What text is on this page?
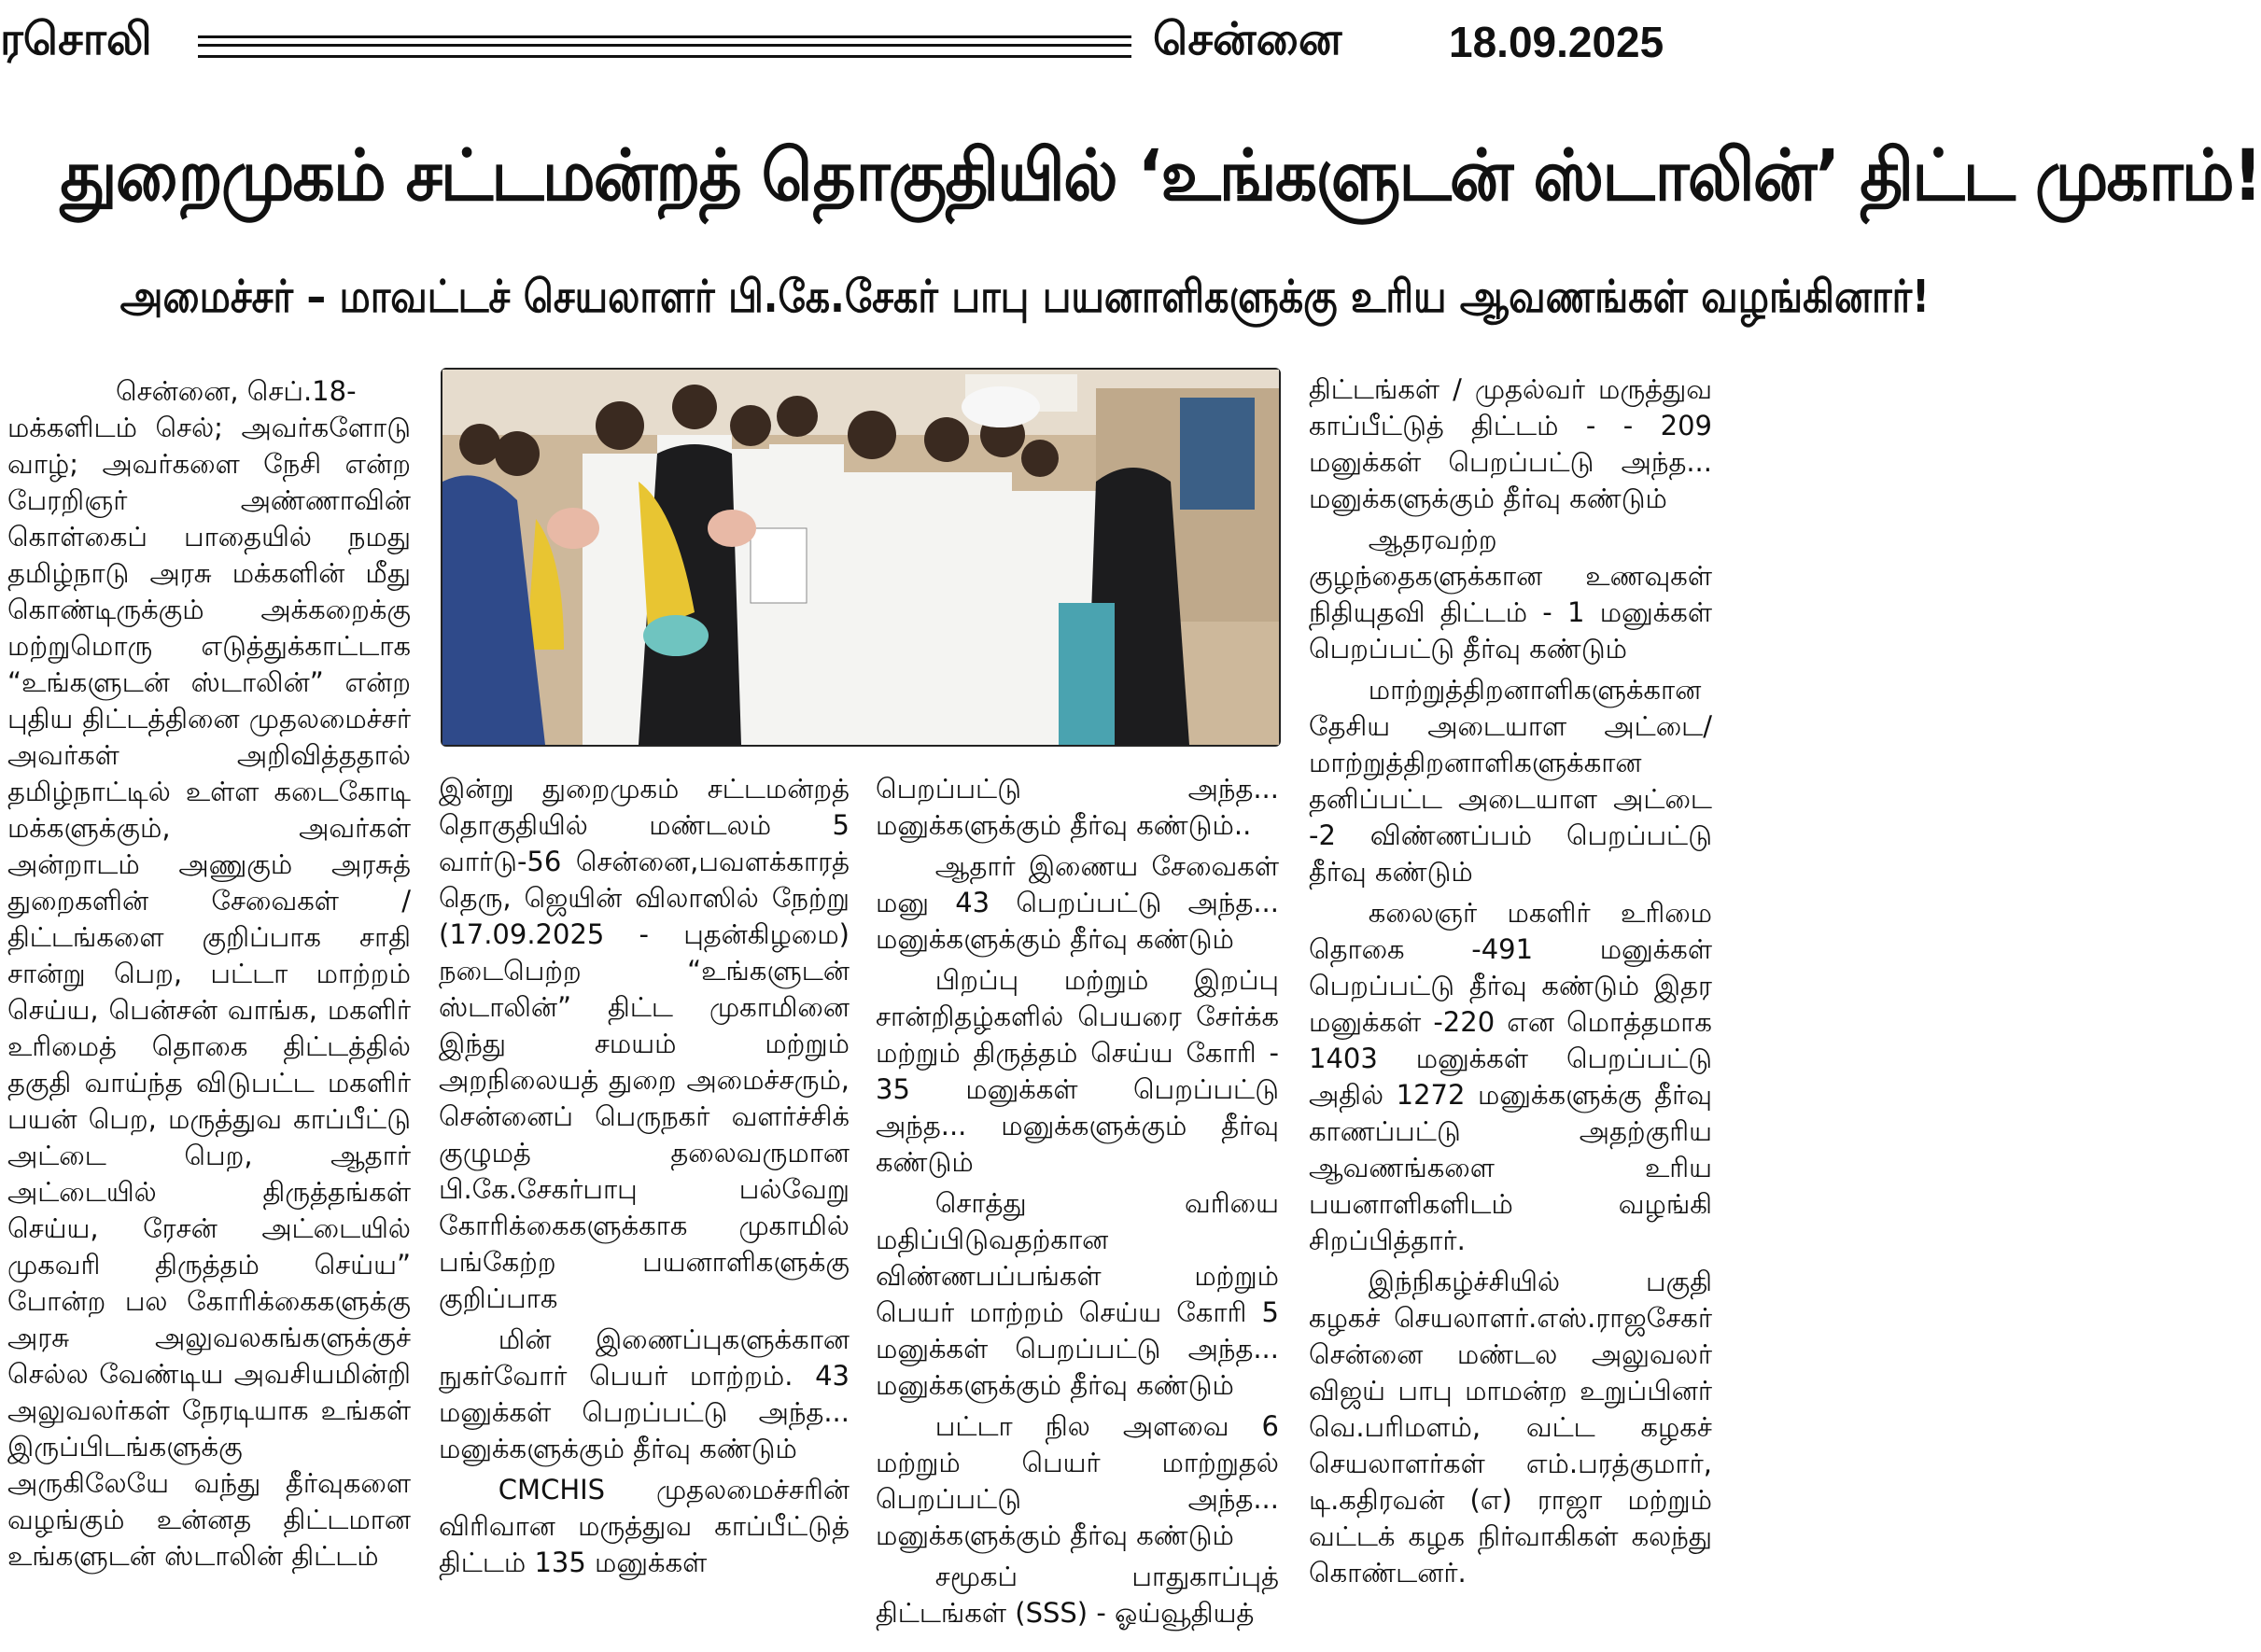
ரசொலி	சென்னை 18.09.2025
துறைமுகம் சட்டமன்றத் தொகுதியில் ‘உங்களுடன் ஸ்டாலின்’ திட்ட முகாம்!
அமைச்சர் – மாவட்டச் செயலாளர் பி.கே.சேகர் பாபு பயனாளிகளுக்கு உரிய ஆவணங்கள் வழங்கினார்!

சென்னை, செப்.18-

மக்களிடம் செல்; அவர்களோடு வாழ்; அவர்களை நேசி என்ற பேரறிஞர் அண்ணாவின் கொள்கைப் பாதையில் நமது தமிழ்நாடு அரசு மக்களின் மீது கொண்டிருக்கும் அக்கறைக்கு மற்றுமொரு எடுத்துக்காட்டாக “உங்களுடன் ஸ்டாலின்” என்ற புதிய திட்டத்தினை முதலமைச்சர் அவர்கள் அறிவித்ததால் தமிழ்நாட்டில் உள்ள கடைகோடி மக்களுக்கும், அவர்கள் அன்றாடம் அணுகும் அரசுத் துறைகளின் சேவைகள் / திட்டங்களை குறிப்பாக சாதி சான்று பெற, பட்டா மாற்றம் செய்ய, பென்சன் வாங்க, மகளிர் உரிமைத் தொகை திட்டத்தில் தகுதி வாய்ந்த விடுபட்ட மகளிர் பயன் பெற, மருத்துவ காப்பீட்டு அட்டை பெற, ஆதார் அட்டையில் திருத்தங்கள் செய்ய, ரேசன் அட்டையில் முகவரி திருத்தம் செய்ய” போன்ற பல கோரிக்கைகளுக்கு அரசு அலுவலகங்களுக்குச் செல்ல வேண்டிய அவசியமின்றி அலுவலர்கள் நேரடியாக உங்கள் இருப்பிடங்களுக்கு அருகிலேயே வந்து தீர்வுகளை வழங்கும் உன்னத திட்டமான உங்களுடன் ஸ்டாலின் திட்டம்

இன்று துறைமுகம் சட்டமன்றத் தொகுதியில் மண்டலம் 5 வார்டு-56 சென்னை,பவளக்காரத் தெரு, ஜெயின் விலாஸில் நேற்று (17.09.2025 - புதன்கிழமை) நடைபெற்ற “உங்களுடன் ஸ்டாலின்” திட்ட முகாமினை இந்து சமயம் மற்றும் அறநிலையத் துறை அமைச்சரும், சென்னைப் பெருநகர் வளர்ச்சிக் குழுமத் தலைவருமான பி.கே.சேகர்பாபு பல்வேறு கோரிக்கைகளுக்காக முகாமில் பங்கேற்ற பயனாளிகளுக்கு குறிப்பாக

மின் இணைப்புகளுக்கான நுகர்வோர் பெயர் மாற்றம். 43 மனுக்கள் பெறப்பட்டு அந்த... மனுக்களுக்கும் தீர்வு கண்டும்

CMCHIS முதலமைச்சரின் விரிவான மருத்துவ காப்பீட்டுத் திட்டம் 135 மனுக்கள்

பெறப்பட்டு அந்த... மனுக்களுக்கும் தீர்வு கண்டும்..

ஆதார் இணைய சேவைகள் மனு 43 பெறப்பட்டு அந்த... மனுக்களுக்கும் தீர்வு கண்டும்

பிறப்பு மற்றும் இறப்பு சான்றிதழ்களில் பெயரை சேர்க்க மற்றும் திருத்தம் செய்ய கோரி - 35 மனுக்கள் பெறப்பட்டு அந்த... மனுக்களுக்கும் தீர்வு கண்டும்

சொத்து வரியை மதிப்பிடுவதற்கான விண்ணபப்பங்கள் மற்றும் பெயர் மாற்றம் செய்ய கோரி 5 மனுக்கள் பெறப்பட்டு அந்த... மனுக்களுக்கும் தீர்வு கண்டும்

பட்டா நில அளவை 6 மற்றும் பெயர் மாற்றுதல் பெறப்பட்டு அந்த... மனுக்களுக்கும் தீர்வு கண்டும்

சமூகப் பாதுகாப்புத் திட்டங்கள் (SSS) - ஓய்வூதியத்

திட்டங்கள் / முதல்வர் மருத்துவ காப்பீட்டுத் திட்டம் - - 209 மனுக்கள் பெறப்பட்டு அந்த... மனுக்களுக்கும் தீர்வு கண்டும்

ஆதரவற்ற குழந்தைகளுக்கான உணவுகள் நிதியுதவி திட்டம் - 1 மனுக்கள் பெறப்பட்டு தீர்வு கண்டும்

மாற்றுத்திறனாளிகளுக்கான தேசிய அடையாள அட்டை/ மாற்றுத்திறனாளிகளுக்கான தனிப்பட்ட அடையாள அட்டை -2 விண்ணப்பம் பெறப்பட்டு தீர்வு கண்டும்

கலைஞர் மகளிர் உரிமை தொகை -491 மனுக்கள் பெறப்பட்டு தீர்வு கண்டும் இதர மனுக்கள் -220 என மொத்தமாக 1403 மனுக்கள் பெறப்பட்டு அதில் 1272 மனுக்களுக்கு தீர்வு காணப்பட்டு அதற்குரிய ஆவணங்களை உரிய பயனாளிகளிடம் வழங்கி சிறப்பித்தார்.

இந்நிகழ்ச்சியில் பகுதி கழகச் செயலாளர்.எஸ்.ராஜசேகர் சென்னை மண்டல அலுவலர் விஜய் பாபு மாமன்ற உறுப்பினர் வெ.பரிமளம், வட்ட கழகச் செயலாளர்கள் எம்.பரத்குமார், டி.கதிரவன் (எ) ராஜா மற்றும் வட்டக் கழக நிர்வாகிகள் கலந்து கொண்டனர்.
